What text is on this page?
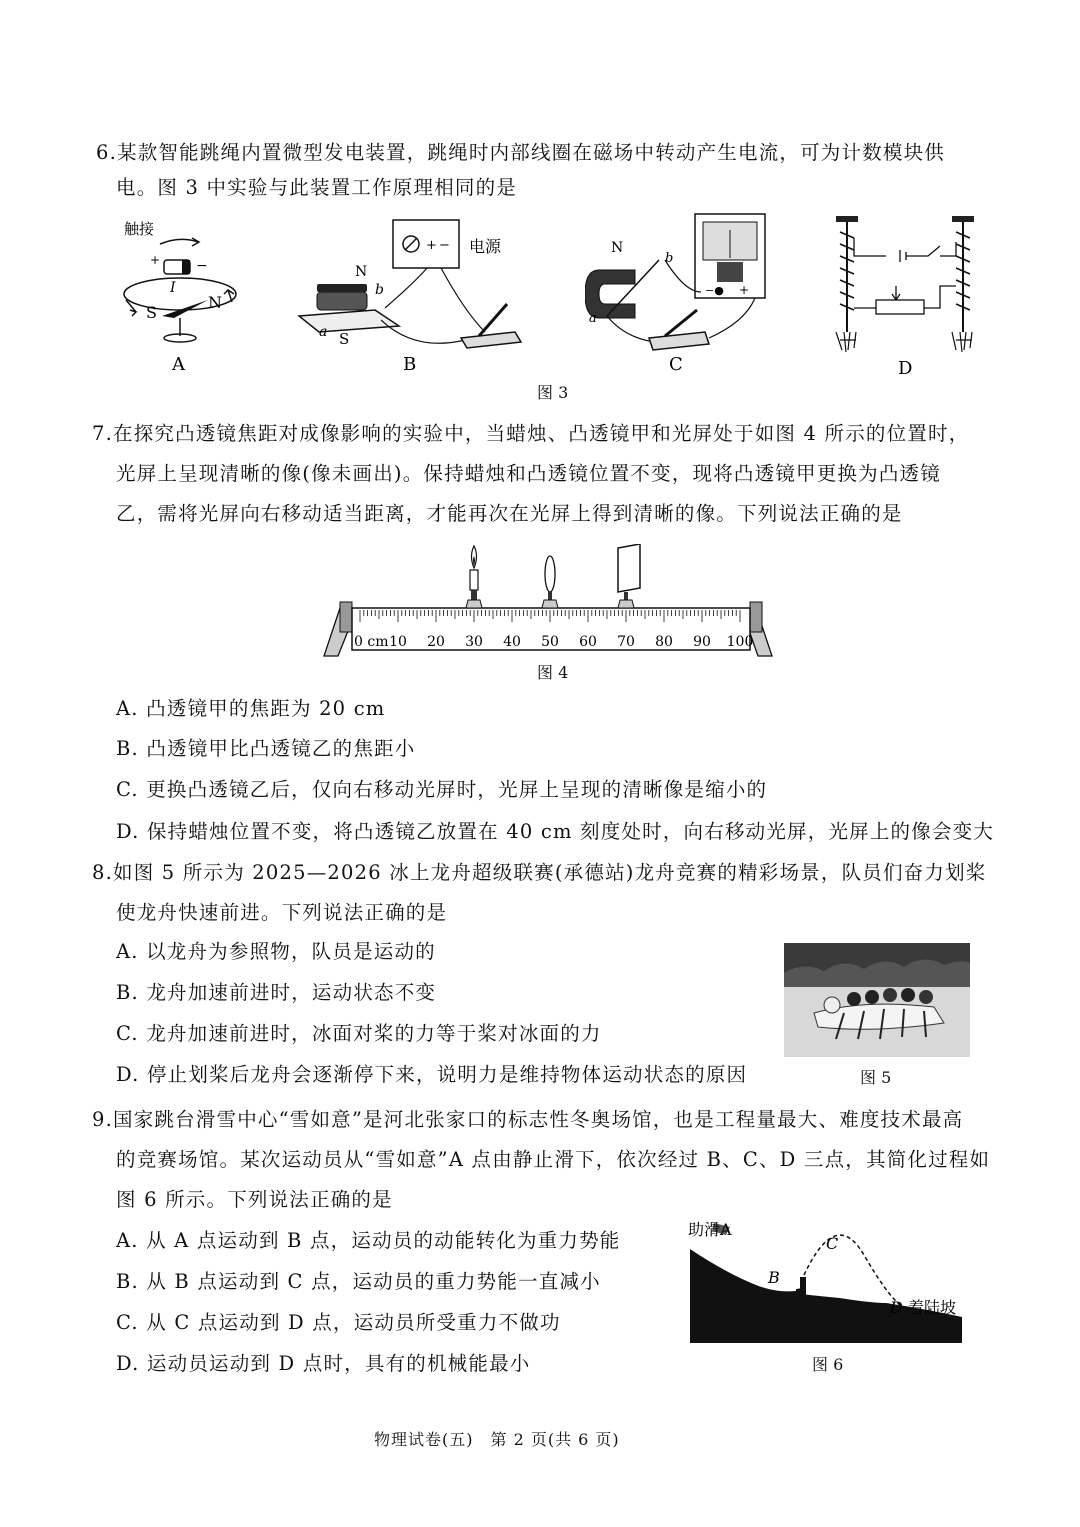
6.某款智能跳绳内置微型发电装置，跳绳时内部线圈在磁场中转动产生电流，可为计数模块供
电。图 3 中实验与此装置工作原理相同的是
触接
+	−
I
S
N
A
+ − 电源
N
b
a S
B
N
S
b
a
−● +
C	D
图 3
7.在探究凸透镜焦距对成像影响的实验中，当蜡烛、凸透镜甲和光屏处于如图 4 所示的位置时，
光屏上呈现清晰的像(像未画出)。保持蜡烛和凸透镜位置不变，现将凸透镜甲更换为凸透镜
乙，需将光屏向右移动适当距离，才能再次在光屏上得到清晰的像。下列说法正确的是
0 cm 10 20 30 40 50 60 70 80 90 100
图 4
A. 凸透镜甲的焦距为 20 cm
B. 凸透镜甲比凸透镜乙的焦距小
C. 更换凸透镜乙后，仅向右移动光屏时，光屏上呈现的清晰像是缩小的
D. 保持蜡烛位置不变，将凸透镜乙放置在 40 cm 刻度处时，向右移动光屏，光屏上的像会变大
8.如图 5 所示为 2025—2026 冰上龙舟超级联赛(承德站)龙舟竞赛的精彩场景，队员们奋力划桨
使龙舟快速前进。下列说法正确的是
A. 以龙舟为参照物，队员是运动的
B. 龙舟加速前进时，运动状态不变
C. 龙舟加速前进时，冰面对桨的力等于桨对冰面的力
D. 停止划桨后龙舟会逐渐停下来，说明力是维持物体运动状态的原因	图 5
9.国家跳台滑雪中心“雪如意”是河北张家口的标志性冬奥场馆，也是工程量最大、难度技术最高
的竞赛场馆。某次运动员从“雪如意”A 点由静止滑下，依次经过 B、C、D 三点，其简化过程如
图 6 所示。下列说法正确的是
A. 从 A 点运动到 B 点，运动员的动能转化为重力势能
B. 从 B 点运动到 C 点，运动员的重力势能一直减小
C. 从 C 点运动到 D 点，运动员所受重力不做功
D. 运动员运动到 D 点时，具有的机械能最小
助滑A
B
C
D 着陆坡
图 6
物理试卷(五)　第 2 页(共 6 页)
